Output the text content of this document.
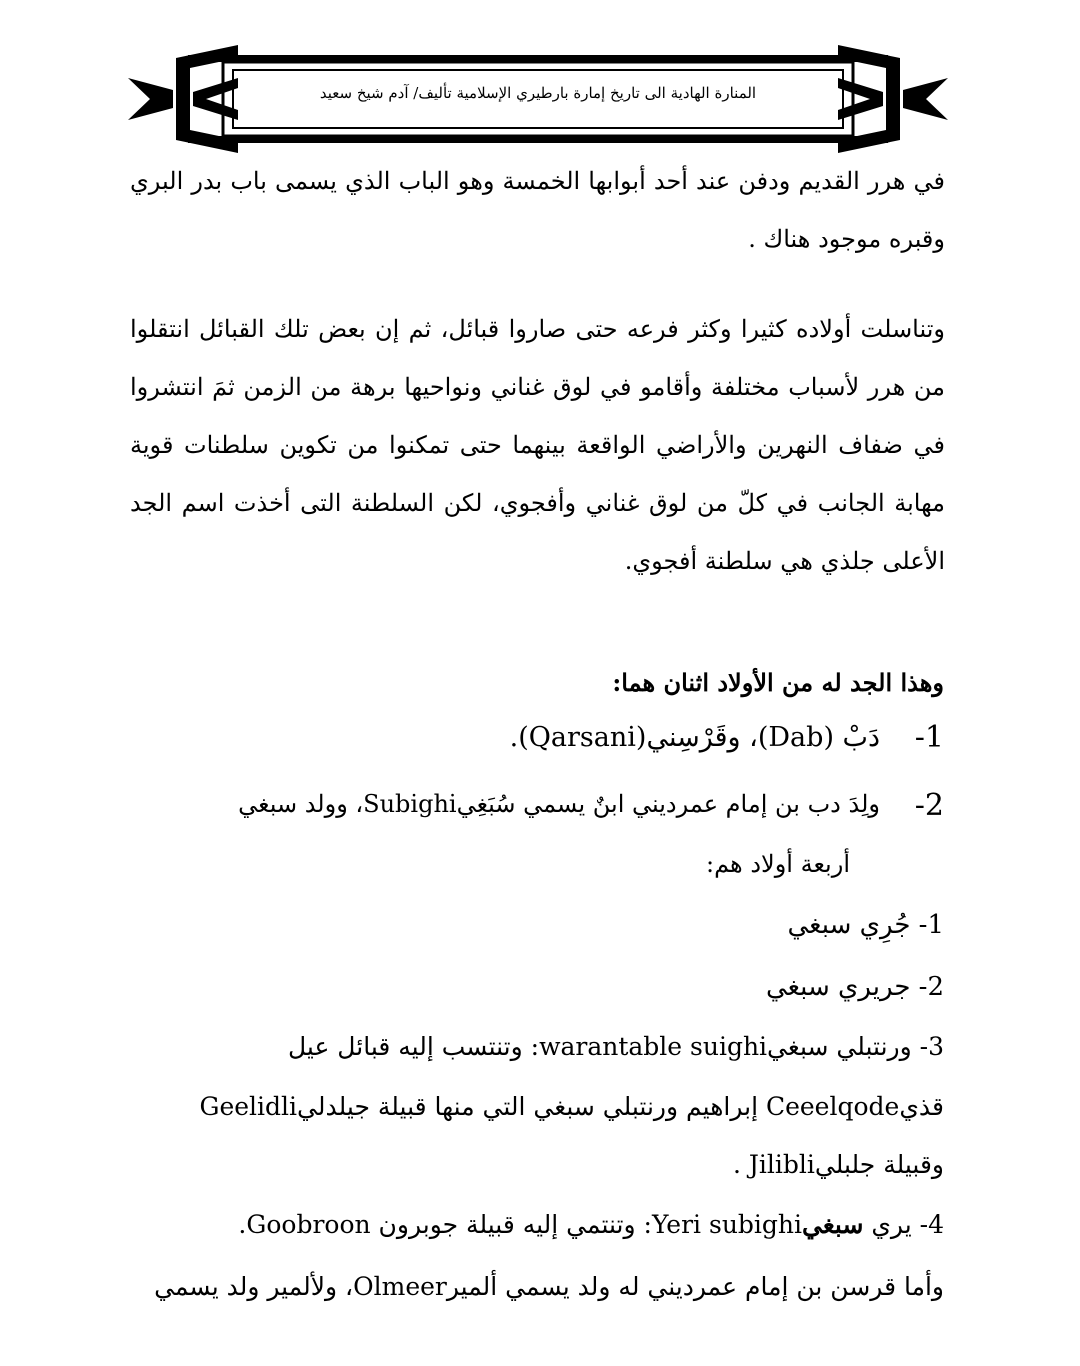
المنارة الهادية الى تاريخ إمارة بارطيري الإسلامية تأليف/ آدم شيخ سعيد

في هرر القديم ودفن عند أحد أبوابها الخمسة وهو الباب الذي يسمى باب بدر البري وقبره موجود هناك .

وتناسلت أولاده كثيرا وكثر فرعه حتى صاروا قبائل، ثم إن بعض تلك القبائل انتقلوا من هرر لأسباب مختلفة وأقامو في لوق غناني ونواحيها برهة من الزمن ثمَ انتشروا في ضفاف النهرين والأراضي الواقعة بينهما حتى تمكنوا من تكوين سلطنات قوية مهابة الجانب في كلّ من لوق غناني وأفجوي، لكن السلطنة التى أخذت اسم الجد الأعلى جلذي هي سلطنة أفجوي.

وهذا الجد له من الأولاد اثنان هما:
1-
دَبْ (Dab)، وقَرْسِني(Qarsani).
2-
ولِدَ دب بن إمام عمرديني ابنٌ يسمي سُبَغِيSubighi، وولد سبغي
أربعة أولاد هم:
1- جُرِي سبغي
2- جريري سبغي
3- ورنتبلي سبغيwarantable suighi: وتنتسب إليه قبائل عيل
قذيCeeelqode إبراهيم ورنتبلي سبغي التي منها قبيلة جيلدليGeelidli
وقبيلة جلبليJilibli .
4- يري سبغيYeri subighi: وتنتمي إليه قبيلة جوبرون Goobroon.
وأما قرسن بن إمام عمرديني له ولد يسمي ألميرOlmeer، ولألمير ولد يسمي
